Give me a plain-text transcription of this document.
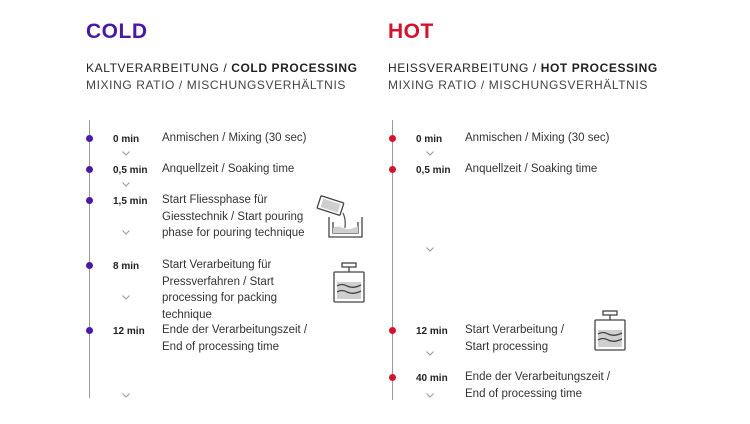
COLD
KALTVERARBEITUNG / COLD PROCESSING
MIXING RATIO / MISCHUNGSVERHÄLTNIS
0 min Anmischen / Mixing (30 sec)
0,5 min Anquellzeit / Soaking time
1,5 min Start Fliessphase für Giesstechnik / Start pouring phase for pouring technique
8 min Start Verarbeitung für Pressverfahren / Start processing for packing technique
12 min Ende der Verarbeitungszeit / End of processing time
HOT
HEISSVERARBEITUNG / HOT PROCESSING
MIXING RATIO / MISCHUNGSVERHÄLTNIS
0 min Anmischen / Mixing (30 sec)
0,5 min Anquellzeit / Soaking time
12 min Start Verarbeitung / Start processing
40 min Ende der Verarbeitungszeit / End of processing time
